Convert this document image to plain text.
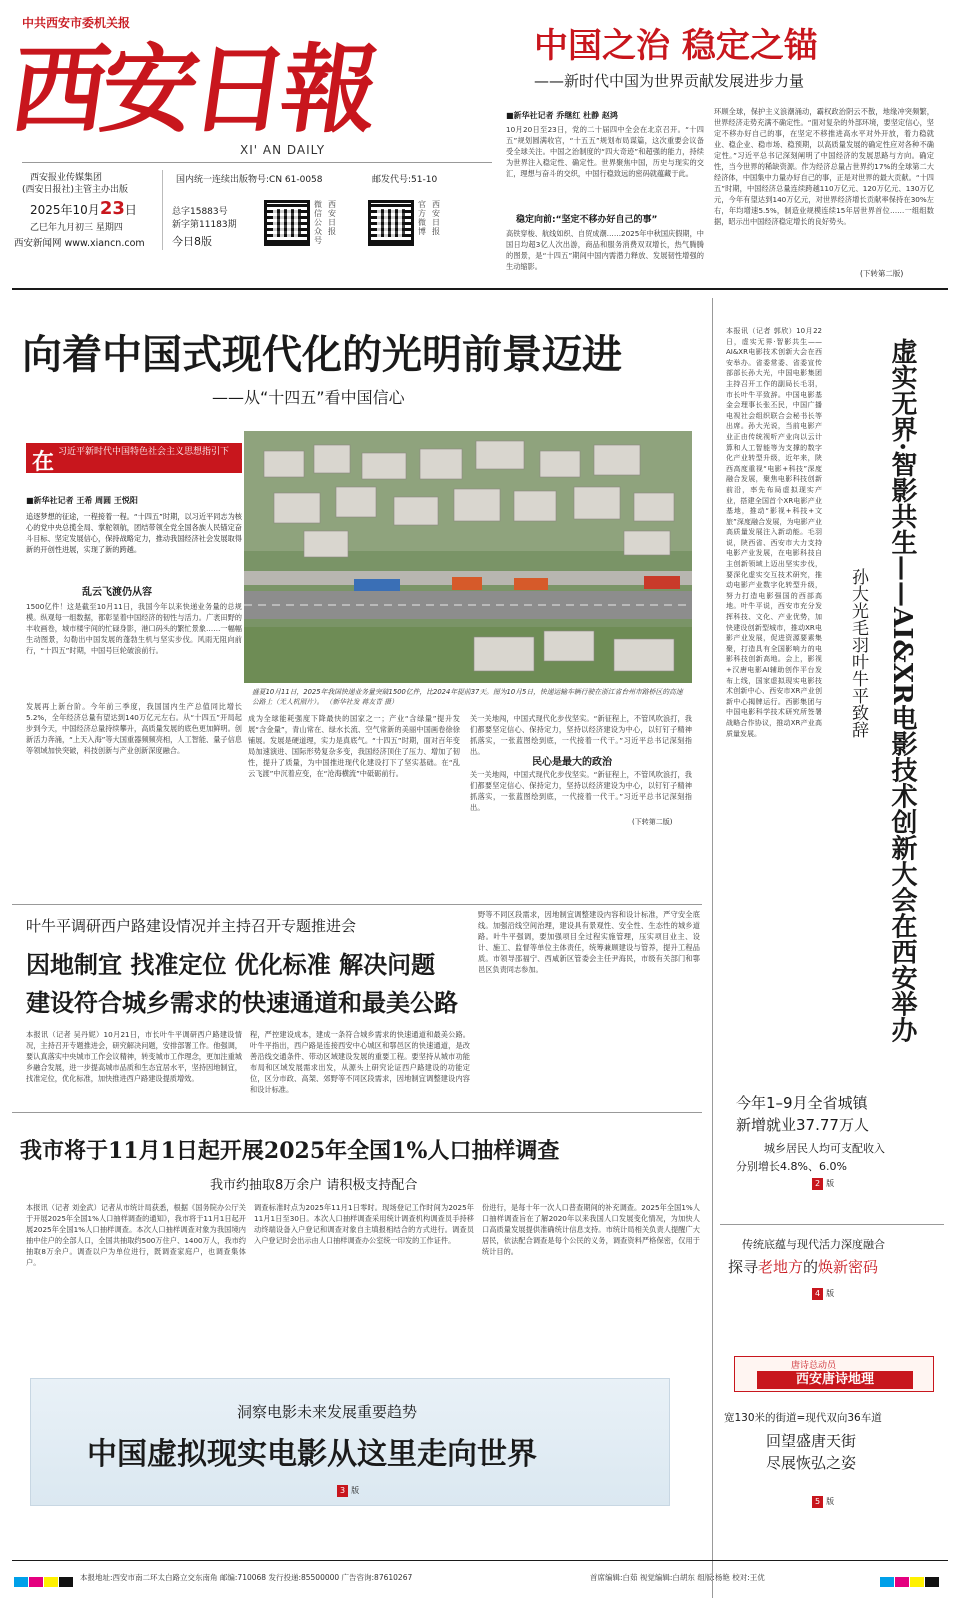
中共西安市委机关报
西安日報
XI' AN DAILY
西安报业传媒集团
(西安日报社)主管主办出版
2025年10月23日
乙巳年九月初三 星期四
西安新闻网 www.xiancn.com
国内统一连续出版物号:CN 61-0058	邮发代号:51-10
总字15883号
新字第11183期
今日8版
微信公众号
西安日报
官方微博
西安日报
中国之治 稳定之锚
——新时代中国为世界贡献发展进步力量
■新华社记者 乔继红 杜静 赵鸿
10月20日至23日，党的二十届四中全会在北京召开。“十四五”规划圆满收官，“十五五”规划布局谋篇，这次重要会议备受全球关注。中国之治制度的“四大奇迹”和超强的能力，持续为世界注入稳定性、确定性。世界聚焦中国，历史与现实的交汇，理想与奋斗的交织，中国行稳致远的密码就蕴藏于此。
稳定向前:“坚定不移办好自己的事”
高铁穿梭、航线如织、自贸成潮……2025年中秋国庆假期，中国日均超3亿人次出游，商品和服务消费双双增长，热气腾腾的图景，是“十四五”期间中国内需潜力释放、发展韧性增强的生动缩影。
环顾全球，保护主义浪潮涌动，霸权政治阴云不散，地缘冲突频繁，世界经济走势充满不确定性。“面对复杂的外部环境，要坚定信心，坚定不移办好自己的事，在坚定不移推进高水平对外开放，着力稳就业、稳企业、稳市场、稳预期，以高质量发展的确定性应对各种不确定性。”习近平总书记深刻阐明了中国经济的发展思路与方向。确定性，当今世界的稀缺资源。作为经济总量占世界约17%的全球第二大经济体，中国集中力量办好自己的事，正是对世界的最大贡献。“十四五”时期，中国经济总量连续跨越110万亿元、120万亿元、130万亿元，今年有望达到140万亿元，对世界经济增长贡献率保持在30%左右，年均增速5.5%，制造业规模连续15年居世界首位……一组组数据，昭示出中国经济稳定增长的良好势头。
(下转第二版)
向着中国式现代化的光明前景迈进
——从“十四五”看中国信心
在 习近平新时代中国特色社会主义思想指引下
■新华社记者 王希 周圆 王悦阳
追逐梦想的征途，一程接着一程。“十四五”时期，以习近平同志为核心的党中央总揽全局、掌舵领航，团结带领全党全国各族人民锚定奋斗目标、坚定发展信心，保持战略定力，推动我国经济社会发展取得新的开创性进展，实现了新的跨越。
乱云飞渡仍从容
1500亿件！这是截至10月11日，我国今年以来快递业务量的总规模。纵观每一组数据，都彰显着中国经济的韧性与活力。广袤田野的丰收画卷，城市楼宇间的忙碌身影，港口码头的繁忙景象……一幅幅生动图景，勾勒出中国发展的蓬勃生机与坚实步伐。风雨无阻向前行，“十四五”时期，中国号巨轮破浪前行。
发展再上新台阶。今年前三季度，我国国内生产总值同比增长5.2%，全年经济总量有望达到140万亿元左右。从“十四五”开局起步到今天，中国经济总量持续攀升，高质量发展的底色更加鲜明。创新活力奔涌，“上天入海”等大国重器频频亮相，人工智能、量子信息等领域加快突破，科技创新与产业创新深度融合。
盛夏10月11日，2025年我国快递业务量突破1500亿件，比2024年提前37天。图为10月5日，快递运输车辆行驶在浙江省台州市路桥区的高速公路上（无人机照片）。 （新华社发 蒋友青 摄）
成为全球能耗强度下降最快的国家之一；产业“含绿量”提升发展“含金量”，青山常在、绿水长流、空气常新的美丽中国画卷徐徐铺展。发展是硬道理，实力是真底气。“十四五”时期，面对百年变局加速演进、国际形势复杂多变，我国经济顶住了压力、增加了韧性，提升了质量，为中国推进现代化建设打下了坚实基础。在“乱云飞渡”中沉着应变，在“沧海横流”中砥砺前行。
关一关地闯，中国式现代化步伐坚实。“新征程上，不管风吹浪打，我们都要坚定信心、保持定力，坚持以经济建设为中心，以钉钉子精神抓落实，一张蓝图绘到底，一代接着一代干。”习近平总书记深刻指出。
民心是最大的政治
关一关地闯，中国式现代化步伐坚实。“新征程上，不管风吹浪打，我们都要坚定信心、保持定力，坚持以经济建设为中心，以钉钉子精神抓落实，一张蓝图绘到底，一代接着一代干。”习近平总书记深刻指出。
(下转第二版)
本报讯（记者 郭欣）10月22日，虚实无界·智影共生——AI&XR电影技术创新大会在西安举办。省委常委、省委宣传部部长孙大光，中国电影集团主持召开工作的副局长毛羽，市长叶牛平致辞。中国电影基金会理事长张丕民，中国广播电视社会组织联合会秘书长等出席。孙大光说，当前电影产业正由传统视听产业向以云计算和人工智能等为支撑的数字化产业转型升级，近年来，陕西高度重视“电影+科技”深度融合发展，聚焦电影科技创新前沿，率先布局虚拟现实产业，搭建全国首个XR电影产业基地，推动“影视+科技+文旅”深度融合发展，为电影产业高质量发展注入新动能。毛羽说，陕西省、西安市大力支持电影产业发展，在电影科技自主创新领域上迈出坚实步伐，要深化虚实交互技术研究，推动电影产业数字化转型升级，努力打造电影强国的西部高地。叶牛平说，西安市充分发挥科技、文化、产业优势，加快建设创新型城市，推动XR电影产业发展，促进资源要素集聚，打造具有全国影响力的电影科技创新高地。会上，影视+汉唐电影AI辅助创作平台发布上线，国家虚拟现实电影技术创新中心、西安市XR产业创新中心揭牌运行。西影集团与中国电影科学技术研究所签署战略合作协议，推动XR产业高质量发展。	虚实无界·智影共生——AI&XR电影技术创新大会在西安举办
孙大光毛羽叶牛平致辞
叶牛平调研西户路建设情况并主持召开专题推进会
因地制宜 找准定位 优化标准 解决问题
建设符合城乡需求的快速通道和最美公路
本报讯（记者 吴丹妮）10月21日，市长叶牛平调研西户路建设情况，主持召开专题推进会，研究解决问题，安排部署工作。他强调，要认真落实中央城市工作会议精神，转变城市工作理念，更加注重城乡融合发展，进一步提高城市品质和生态宜居水平，坚持因地制宜，找准定位，优化标准，加快推进西户路建设提质增效。
程，严控建设成本，建成一条符合城乡需求的快速通道和最美公路。叶牛平指出，西户路是连接西安中心城区和鄠邑区的快速通道，是改善沿线交通条件、带动区域建设发展的重要工程。要坚持从城市功能布局和区域发展需求出发，从源头上研究论证西户路建设的功能定位，区分市政、高架、郊野等不同区段需求，因地制宜调整建设内容和设计标准。
野等不同区段需求，因地制宜调整建设内容和设计标准，严守安全底线。加强沿线空间治理，建设具有景观性、安全性、生态性的城乡道路。叶牛平强调，要加强项目全过程实施管理，压实项目业主、设计、施工、监督等单位主体责任，统筹兼顾建设与管养，提升工程品质。市领导邵福宁、西咸新区管委会主任尹海民，市级有关部门和鄠邑区负责同志参加。
今年1–9月全省城镇
新增就业37.77万人
城乡居民人均可支配收入
分别增长4.8%、6.0%
2 版
我市将于11月1日起开展2025年全国1%人口抽样调查
我市约抽取8万余户 请积极支持配合
本报讯（记者 刘金武）记者从市统计局获悉，根据《国务院办公厅关于开展2025年全国1%人口抽样调查的通知》，我市将于11月1日起开展2025年全国1%人口抽样调查。本次人口抽样调查对象为我国境内抽中住户的全部人口，全国共抽取约500万住户、1400万人，我市约抽取8万余户。调查以户为单位进行，既调查家庭户，也调查集体户。
调查标准时点为2025年11月1日零时。现场登记工作时间为2025年11月1日至30日。本次人口抽样调查采用统计调查机构调查员手持移动终端设备入户登记和调查对象自主填报相结合的方式进行。调查员入户登记时会出示由人口抽样调查办公室统一印发的工作证件。
份进行，是每十年一次人口普查期间的补充调查。2025年全国1%人口抽样调查旨在了解2020年以来我国人口发展变化情况，为加快人口高质量发展提供准确统计信息支持。市统计局相关负责人提醒广大居民，依法配合调查是每个公民的义务，调查资料严格保密，仅用于统计目的。
传统底蕴与现代活力深度融合
探寻老地方的焕新密码
4 版
唐诗总动员
西安唐诗地理
宽130米的街道=现代双向36车道
回望盛唐天街
尽展恢弘之姿
5 版
洞察电影未来发展重要趋势
中国虚拟现实电影从这里走向世界
3 版
本报地址:西安市南二环太白路立交东南角 邮编:710068 发行投递:85500000 广告咨询:87610267	首席编辑:白茹 视觉编辑:白胡东 组版:杨艳 校对:王优
